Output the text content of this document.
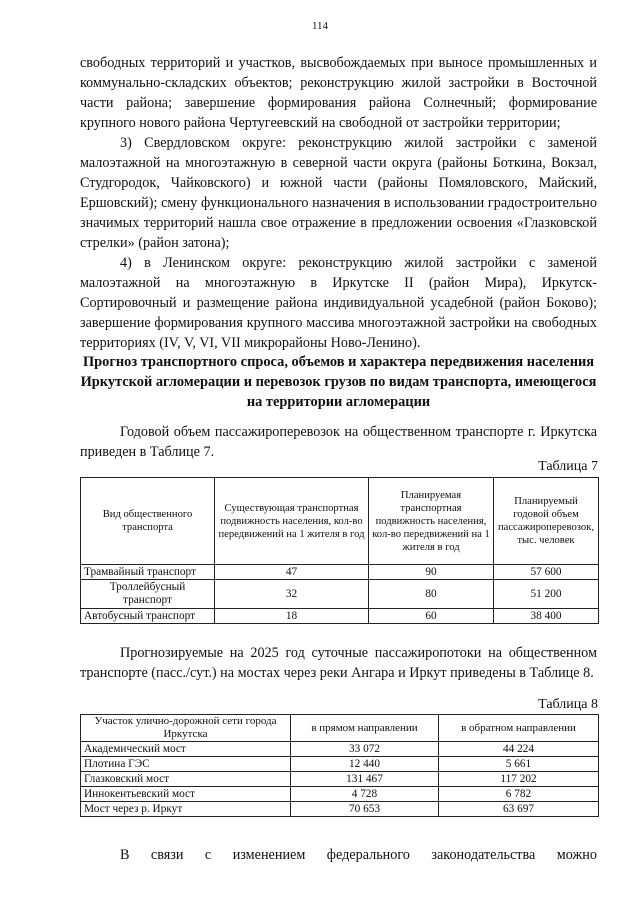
114

свободных территорий и участков, высвобождаемых при выносе промышленных и коммунально-складских объектов; реконструкцию жилой застройки в Восточной части района; завершение формирования района Солнечный; формирование крупного нового района Чертугеевский на свободной от застройки территории;

3) Свердловском округе: реконструкцию жилой застройки с заменой малоэтажной на многоэтажную в северной части округа (районы Боткина, Вокзал, Студгородок, Чайковского) и южной части (районы Помяловского, Майский, Ершовский); смену функционального назначения в использовании градостроительно значимых территорий нашла свое отражение в предложении освоения «Глазковской стрелки» (район затона);

4) в Ленинском округе: реконструкцию жилой застройки с заменой малоэтажной на многоэтажную в Иркутске II (район Мира), Иркутск-Сортировочный и размещение района индивидуальной усадебной (район Боково); завершение формирования крупного массива многоэтажной застройки на свободных территориях (IV, V, VI, VII микрорайоны Ново-Ленино).

Прогноз транспортного спроса, объемов и характера передвижения населения Иркутской агломерации и перевозок грузов по видам транспорта, имеющегося на территории агломерации

Годовой объем пассажироперевозок на общественном транспорте г. Иркутска приведен в Таблице 7.

Таблица 7
Вид общественного транспорта	Существующая транспортная подвижность населения, кол-во передвижений на 1 жителя в год	Планируемая транспортная подвижность населения, кол-во передвижений на 1 жителя в год	Планируемый годовой объем пассажироперевозок, тыс. человек
Трамвайный транспорт	47	90	57 600
Троллейбусный транспорт	32	80	51 200
Автобусный транспорт	18	60	38 400

Прогнозируемые на 2025 год суточные пассажиропотоки на общественном транспорте (пасс./сут.) на мостах через реки Ангара и Иркут приведены в Таблице 8.

Таблица 8
Участок улично-дорожной сети города Иркутска	в прямом направлении	в обратном направлении
Академический мост	33 072	44 224
Плотина ГЭС	12 440	5 661
Глазковский мост	131 467	117 202
Иннокентьевский мост	4 728	6 782
Мост через р. Иркут	70 653	63 697

В связи с изменением федерального законодательства можно
